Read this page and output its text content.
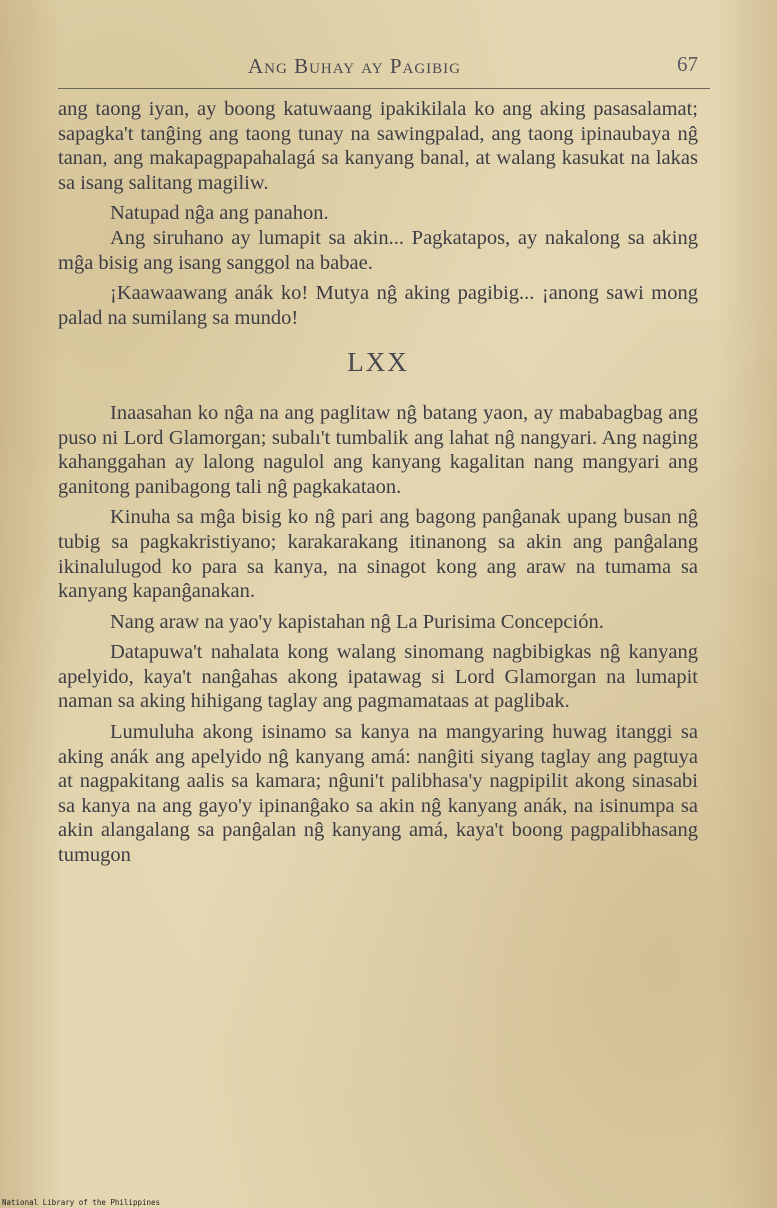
Ang Buhay ay Pagibig	67

ang taong iyan, ay boong katuwaang ipakikilala ko ang aking pasasalamat; sapagka't tanĝing ang taong tunay na sawingpalad, ang taong ipinaubaya nĝ tanan, ang makapagpapahalagá sa kanyang banal, at walang kasukat na lakas sa isang salitang magiliw.

Natupad nĝa ang panahon.

Ang siruhano ay lumapit sa akin... Pagkatapos, ay nakalong sa aking mĝa bisig ang isang sanggol na babae.

¡Kaawaawang anák ko! Mutya nĝ aking pagibig... ¡anong sawi mong palad na sumilang sa mundo!

LXX

Inaasahan ko nĝa na ang paglitaw nĝ batang yaon, ay mababagbag ang puso ni Lord Glamorgan; subalı't tumbalik ang lahat nĝ nangyari. Ang naging kahanggahan ay lalong nagulol ang kanyang kagalitan nang mangyari ang ganitong panibagong tali nĝ pagkakataon.

Kinuha sa mĝa bisig ko nĝ pari ang bagong panĝanak upang busan nĝ tubig sa pagkakristiyano; karakarakang itinanong sa akin ang panĝalang ikinalulugod ko para sa kanya, na sinagot kong ang araw na tumama sa kanyang kapanĝanakan.

Nang araw na yao'y kapistahan nĝ La Purisima Concepción.

Datapuwa't nahalata kong walang sinomang nagbibigkas nĝ kanyang apelyido, kaya't nanĝahas akong ipatawag si Lord Glamorgan na lumapit naman sa aking hihigang taglay ang pagmamataas at paglibak.

Lumuluha akong isinamo sa kanya na mangyaring huwag itanggi sa aking anák ang apelyido nĝ kanyang amá: nanĝiti siyang taglay ang pagtuya at nagpakitang aalis sa kamara; nĝuni't palibhasa'y nagpipilit akong sinasabi sa kanya na ang gayo'y ipinanĝako sa akin nĝ kanyang anák, na isinumpa sa akin alangalang sa panĝalan nĝ kanyang amá, kaya't boong pagpalibhasang tumugon

National Library of the Philippines
